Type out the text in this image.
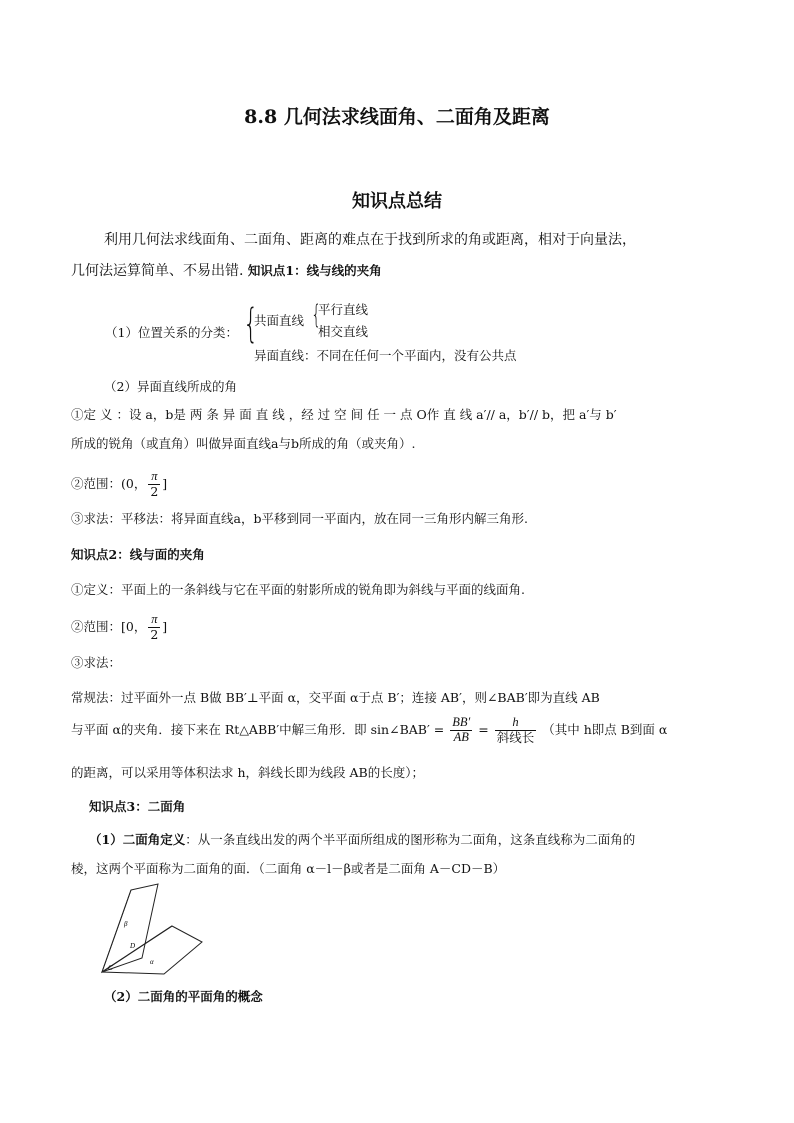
8.8 几何法求线面角、二面角及距离
知识点总结
利用几何法求线面角、二面角、距离的难点在于找到所求的角或距离，相对于向量法，
几何法运算简单、不易出错. 知识点1：线与线的夹角
（1）位置关系的分类： {
共面直线 {
平行直线
相交直线
异面直线：不同在任何一个平面内，没有公共点
（2）异面直线所成的角
①定 义 ：设 a，b是 两 条 异 面 直 线 ，经 过 空 间 任 一 点 O作 直 线 a′// a，b′// b，把 a′与 b′
所成的锐角（或直角）叫做异面直线a与b所成的角（或夹角）.
②范围：(0， $\frac{\pi}{2}$ ]
③求法：平移法：将异面直线a，b平移到同一平面内，放在同一三角形内解三角形.
知识点2：线与面的夹角
①定义：平面上的一条斜线与它在平面的射影所成的锐角即为斜线与平面的线面角.
②范围：[0， $\frac{\pi}{2}$ ]
③求法：
常规法：过平面外一点 B做 BB′⊥平面 α，交平面 α于点 B′；连接 AB′，则∠BAB′即为直线 AB
与平面 α的夹角．接下来在 Rt△ABB′中解三角形．即 sin∠BAB′ = $\frac{BB'}{AB} = \frac{h}{\text{斜线长}}$ （其中 h即点 B到面 α
的距离，可以采用等体积法求 h，斜线长即为线段 AB的长度）；
知识点3：二面角
（1）二面角定义：从一条直线出发的两个半平面所组成的图形称为二面角，这条直线称为二面角的
棱，这两个平面称为二面角的面．（二面角 α－l－β或者是二面角 A－CD－B）
β
D
α
C
（2）二面角的平面角的概念
